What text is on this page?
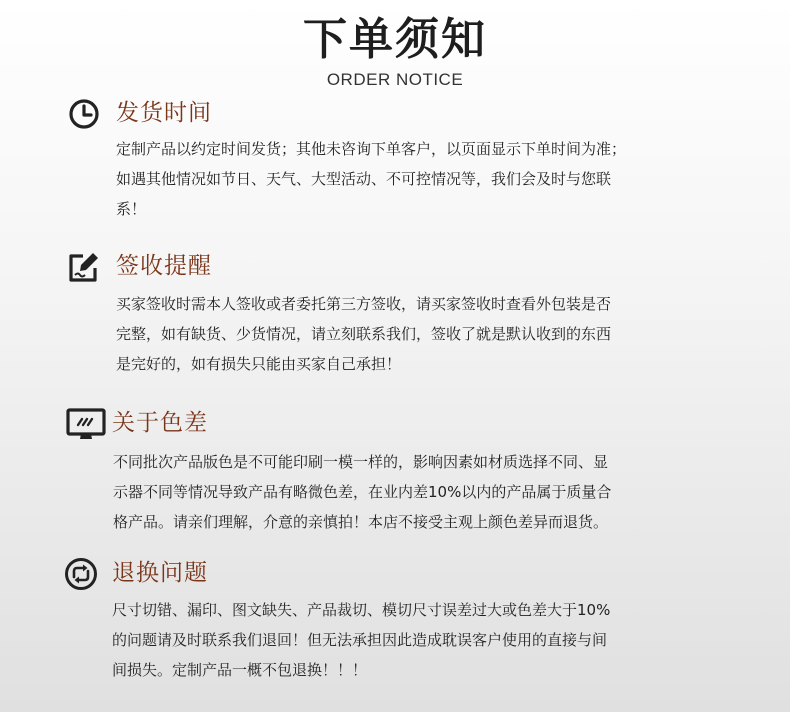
下单须知
ORDER NOTICE
发货时间

定制产品以约定时间发货；其他未咨询下单客户，以页面显示下单时间为准；

如遇其他情况如节日、天气、大型活动、不可控情况等，我们会及时与您联

系！

签收提醒

买家签收时需本人签收或者委托第三方签收，请买家签收时查看外包装是否

完整，如有缺货、少货情况，请立刻联系我们，签收了就是默认收到的东西

是完好的，如有损失只能由买家自己承担！

关于色差

不同批次产品版色是不可能印刷一模一样的，影响因素如材质选择不同、显

示器不同等情况导致产品有略微色差，在业内差10%以内的产品属于质量合

格产品。请亲们理解，介意的亲慎拍！本店不接受主观上颜色差异而退货。

退换问题

尺寸切错、漏印、图文缺失、产品裁切、模切尺寸误差过大或色差大于10%

的问题请及时联系我们退回！但无法承担因此造成耽误客户使用的直接与间

间损失。定制产品一概不包退换！！！
